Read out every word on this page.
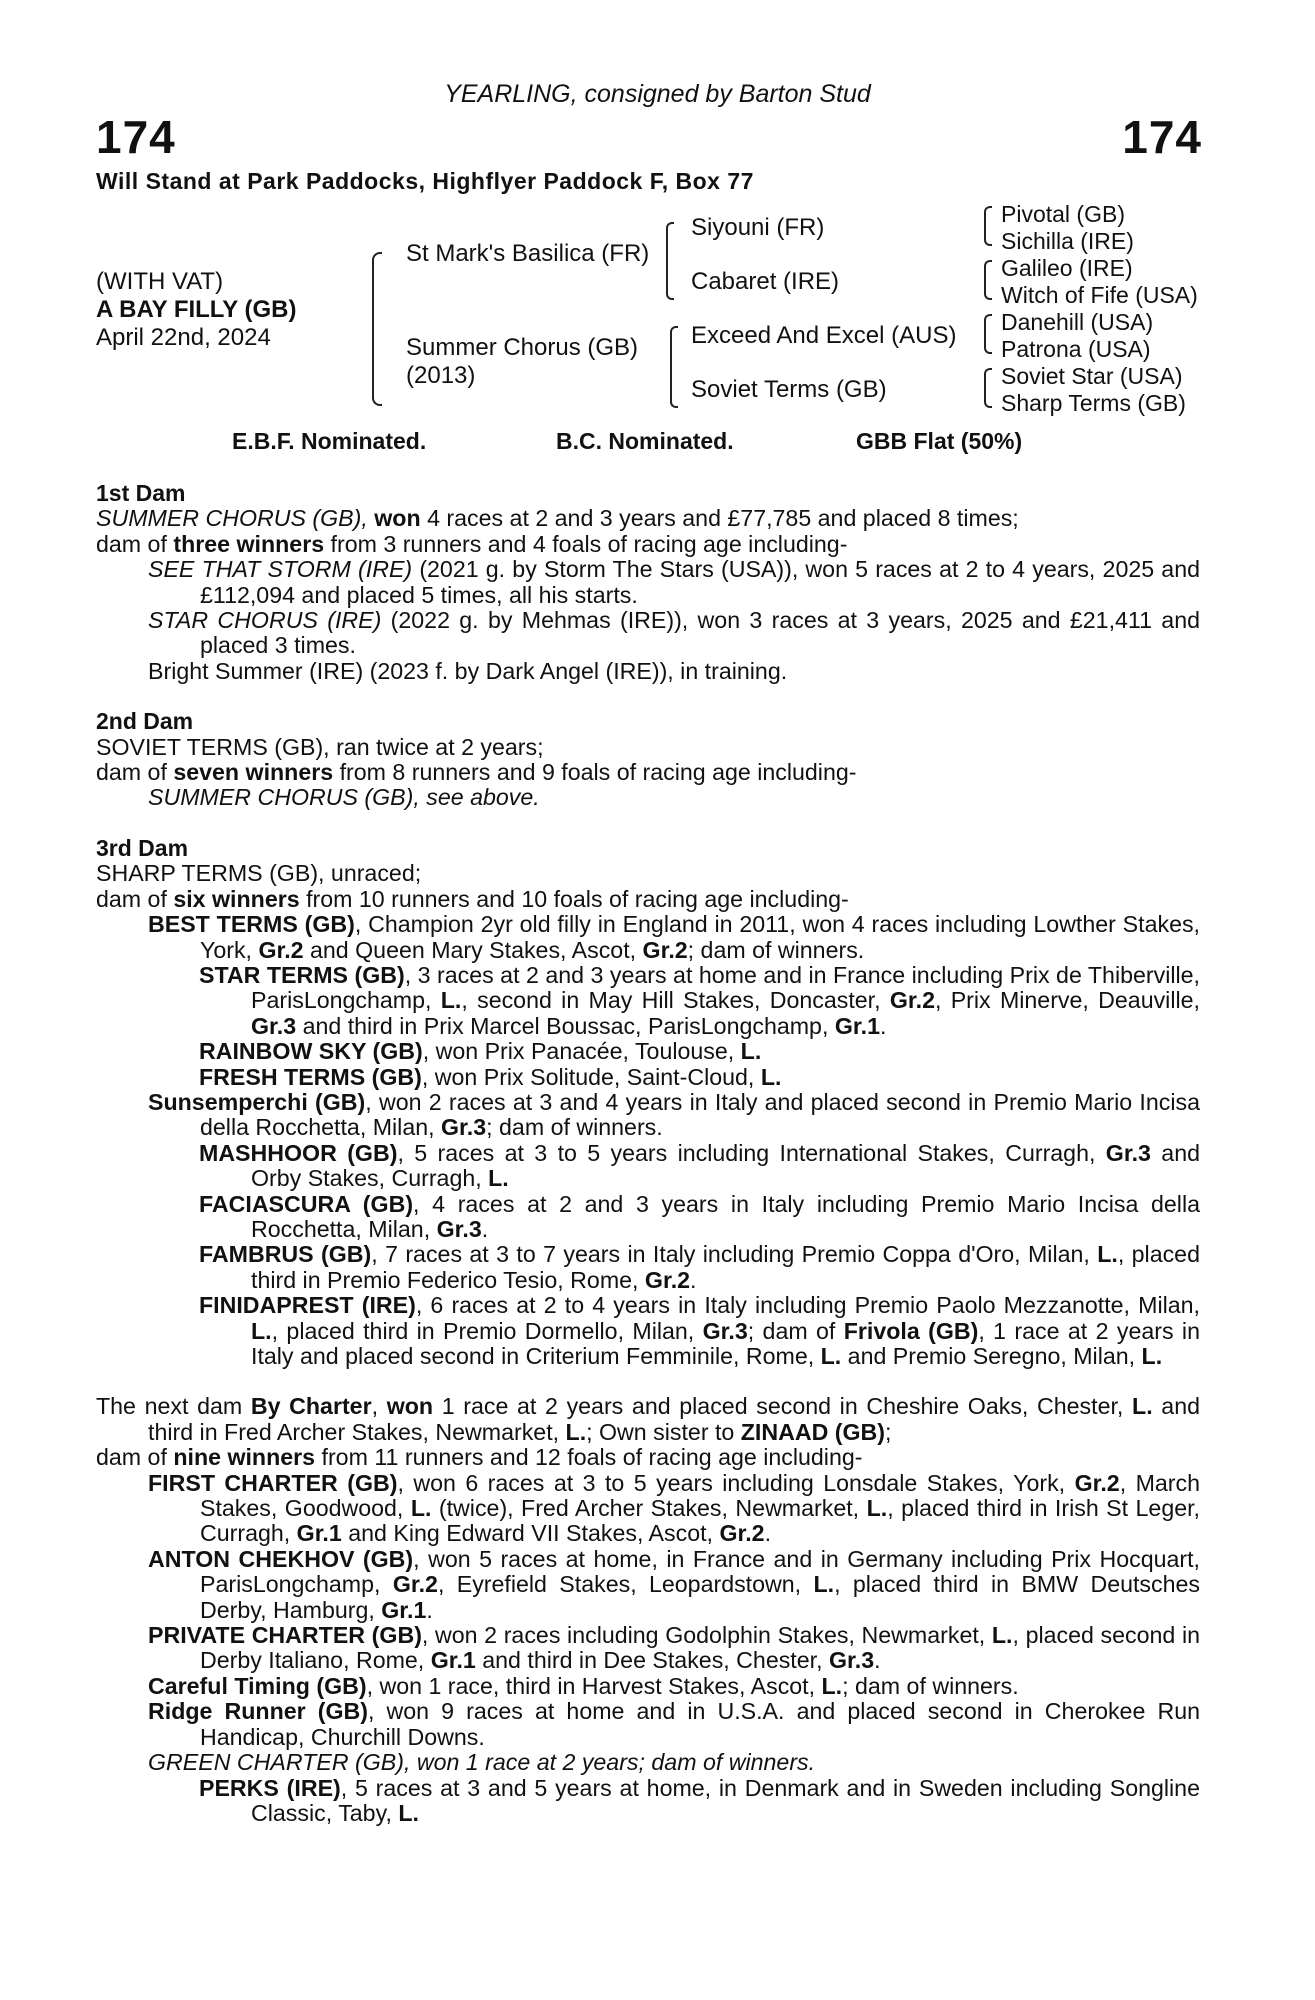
YEARLING, consigned by Barton Stud
174	174
Will Stand at Park Paddocks, Highflyer Paddock F, Box 77
(WITH VAT)
A BAY FILLY (GB)
April 22nd, 2024
St Mark's Basilica (FR)
Summer Chorus (GB)
(2013)
Siyouni (FR)
Cabaret (IRE)
Exceed And Excel (AUS)
Soviet Terms (GB)
Pivotal (GB)
Sichilla (IRE)
Galileo (IRE)
Witch of Fife (USA)
Danehill (USA)
Patrona (USA)
Soviet Star (USA)
Sharp Terms (GB)
E.B.F. Nominated.	B.C. Nominated.	GBB Flat (50%)

1st Dam

SUMMER CHORUS (GB), won 4 races at 2 and 3 years and £77,785 and placed 8 times;

dam of three winners from 3 runners and 4 foals of racing age including-

SEE THAT STORM (IRE) (2021 g. by Storm The Stars (USA)), won 5 races at 2 to 4 years, 2025 and £112,094 and placed 5 times, all his starts.

STAR CHORUS (IRE) (2022 g. by Mehmas (IRE)), won 3 races at 3 years, 2025 and £21,411 and placed 3 times.

Bright Summer (IRE) (2023 f. by Dark Angel (IRE)), in training.

2nd Dam

SOVIET TERMS (GB), ran twice at 2 years;

dam of seven winners from 8 runners and 9 foals of racing age including-

SUMMER CHORUS (GB), see above.

3rd Dam

SHARP TERMS (GB), unraced;

dam of six winners from 10 runners and 10 foals of racing age including-

BEST TERMS (GB), Champion 2yr old filly in England in 2011, won 4 races including Lowther Stakes, York, Gr.2 and Queen Mary Stakes, Ascot, Gr.2; dam of winners.

STAR TERMS (GB), 3 races at 2 and 3 years at home and in France including Prix de Thiberville, ParisLongchamp, L., second in May Hill Stakes, Doncaster, Gr.2, Prix Minerve, Deauville, Gr.3 and third in Prix Marcel Boussac, ParisLongchamp, Gr.1.

RAINBOW SKY (GB), won Prix Panacée, Toulouse, L.

FRESH TERMS (GB), won Prix Solitude, Saint-Cloud, L.

Sunsemperchi (GB), won 2 races at 3 and 4 years in Italy and placed second in Premio Mario Incisa della Rocchetta, Milan, Gr.3; dam of winners.

MASHHOOR (GB), 5 races at 3 to 5 years including International Stakes, Curragh, Gr.3 and Orby Stakes, Curragh, L.

FACIASCURA (GB), 4 races at 2 and 3 years in Italy including Premio Mario Incisa della Rocchetta, Milan, Gr.3.

FAMBRUS (GB), 7 races at 3 to 7 years in Italy including Premio Coppa d'Oro, Milan, L., placed third in Premio Federico Tesio, Rome, Gr.2.

FINIDAPREST (IRE), 6 races at 2 to 4 years in Italy including Premio Paolo Mezzanotte, Milan, L., placed third in Premio Dormello, Milan, Gr.3; dam of Frivola (GB), 1 race at 2 years in Italy and placed second in Criterium Femminile, Rome, L. and Premio Seregno, Milan, L.

The next dam By Charter, won 1 race at 2 years and placed second in Cheshire Oaks, Chester, L. and third in Fred Archer Stakes, Newmarket, L.; Own sister to ZINAAD (GB);

dam of nine winners from 11 runners and 12 foals of racing age including-

FIRST CHARTER (GB), won 6 races at 3 to 5 years including Lonsdale Stakes, York, Gr.2, March Stakes, Goodwood, L. (twice), Fred Archer Stakes, Newmarket, L., placed third in Irish St Leger, Curragh, Gr.1 and King Edward VII Stakes, Ascot, Gr.2.

ANTON CHEKHOV (GB), won 5 races at home, in France and in Germany including Prix Hocquart, ParisLongchamp, Gr.2, Eyrefield Stakes, Leopardstown, L., placed third in BMW Deutsches Derby, Hamburg, Gr.1.

PRIVATE CHARTER (GB), won 2 races including Godolphin Stakes, Newmarket, L., placed second in Derby Italiano, Rome, Gr.1 and third in Dee Stakes, Chester, Gr.3.

Careful Timing (GB), won 1 race, third in Harvest Stakes, Ascot, L.; dam of winners.

Ridge Runner (GB), won 9 races at home and in U.S.A. and placed second in Cherokee Run Handicap, Churchill Downs.

GREEN CHARTER (GB), won 1 race at 2 years; dam of winners.

PERKS (IRE), 5 races at 3 and 5 years at home, in Denmark and in Sweden including Songline Classic, Taby, L.
